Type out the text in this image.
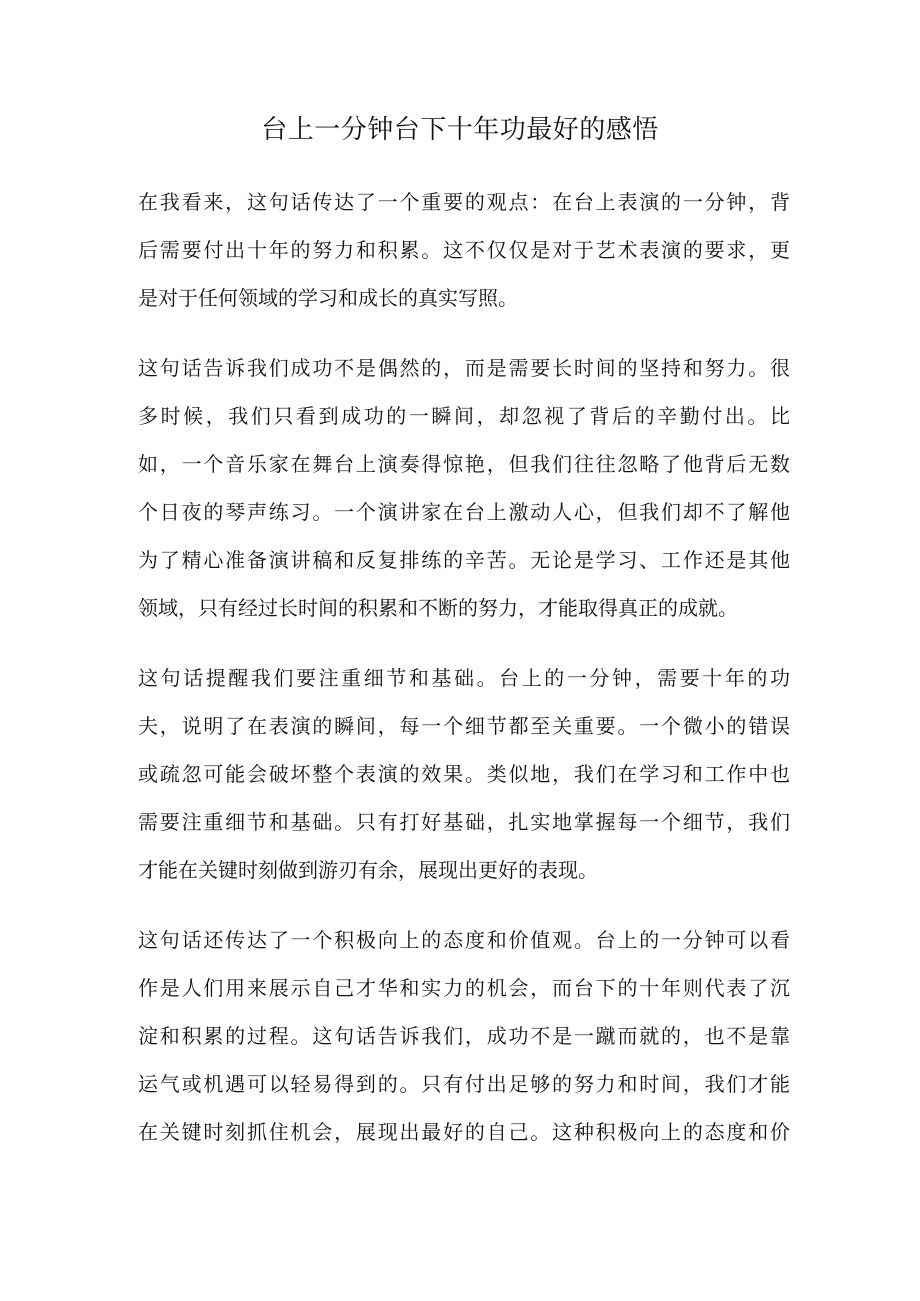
台上一分钟台下十年功最好的感悟
在我看来，这句话传达了一个重要的观点：在台上表演的一分钟，背
后需要付出十年的努力和积累。这不仅仅是对于艺术表演的要求，更
是对于任何领域的学习和成长的真实写照。
这句话告诉我们成功不是偶然的，而是需要长时间的坚持和努力。很
多时候，我们只看到成功的一瞬间，却忽视了背后的辛勤付出。比
如，一个音乐家在舞台上演奏得惊艳，但我们往往忽略了他背后无数
个日夜的琴声练习。一个演讲家在台上激动人心，但我们却不了解他
为了精心准备演讲稿和反复排练的辛苦。无论是学习、工作还是其他
领域，只有经过长时间的积累和不断的努力，才能取得真正的成就。
这句话提醒我们要注重细节和基础。台上的一分钟，需要十年的功
夫，说明了在表演的瞬间，每一个细节都至关重要。一个微小的错误
或疏忽可能会破坏整个表演的效果。类似地，我们在学习和工作中也
需要注重细节和基础。只有打好基础，扎实地掌握每一个细节，我们
才能在关键时刻做到游刃有余，展现出更好的表现。
这句话还传达了一个积极向上的态度和价值观。台上的一分钟可以看
作是人们用来展示自己才华和实力的机会，而台下的十年则代表了沉
淀和积累的过程。这句话告诉我们，成功不是一蹴而就的，也不是靠
运气或机遇可以轻易得到的。只有付出足够的努力和时间，我们才能
在关键时刻抓住机会，展现出最好的自己。这种积极向上的态度和价
